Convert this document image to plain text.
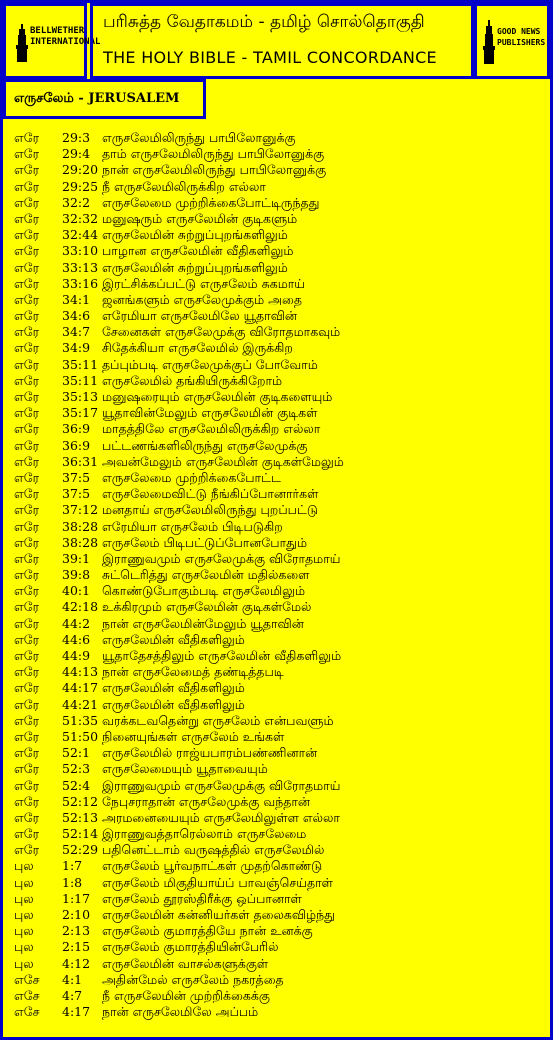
BELLWETHER
INTERNATIONAL
பரிசுத்த வேதாகமம் - தமிழ் சொல்தொகுதி
THE HOLY BIBLE - TAMIL CONCORDANCE
GOOD NEWS
PUBLISHERS
எருசலேம் - JERUSALEM
எரே 29:3 எருசலேமிலிருந்து பாபிலோனுக்கு
எரே 29:4 தாம் எருசலேமிலிருந்து பாபிலோனுக்கு
எரே 29:20 நான் எருசலேமிலிருந்து பாபிலோனுக்கு
எரே 29:25 நீ எருசலேமிலிருக்கிற எல்லா
எரே 32:2 எருசலேமை முற்றிக்கைபோட்டிருந்தது
எரே 32:32 மனுஷரும் எருசலேமின் குடிகளும்
எரே 32:44 எருசலேமின் சுற்றுப்புறங்களிலும்
எரே 33:10 பாழான எருசலேமின் வீதிகளிலும்
எரே 33:13 எருசலேமின் சுற்றுப்புறங்களிலும்
எரே 33:16 இரட்சிக்கப்பட்டு எருசலேம் சுகமாய்
எரே 34:1 ஜனங்களும் எருசலேமுக்கும் அதை
எரே 34:6 எரேமியா எருசலேமிலே யூதாவின்
எரே 34:7 சேனைகள் எருசலேமுக்கு விரோதமாகவும்
எரே 34:9 சிதேக்கியா எருசலேமில் இருக்கிற
எரே 35:11 தப்பும்படி எருசலேமுக்குப் போவோம்
எரே 35:11 எருசலேமில் தங்கியிருக்கிறோம்
எரே 35:13 மனுஷரையும் எருசலேமின் குடிகளையும்
எரே 35:17 யூதாவின்மேலும் எருசலேமின் குடிகள்
எரே 36:9 மாதத்திலே எருசலேமிலிருக்கிற எல்லா
எரே 36:9 பட்டணங்களிலிருந்து எருசலேமுக்கு
எரே 36:31 அவன்மேலும் எருசலேமின் குடிகள்மேலும்
எரே 37:5 எருசலேமை முற்றிக்கைபோட்ட
எரே 37:5 எருசலேமைவிட்டு நீங்கிப்போனார்கள்
எரே 37:12 மனதாய் எருசலேமிலிருந்து புறப்பட்டு
எரே 38:28 எரேமியா எருசலேம் பிடிபடுகிற
எரே 38:28 எருசலேம் பிடிபட்டுப்போனபோதும்
எரே 39:1 இராணுவமும் எருசலேமுக்கு விரோதமாய்
எரே 39:8 சுட்டெரித்து எருசலேமின் மதில்களை
எரே 40:1 கொண்டுபோகும்படி எருசலேமிலும்
எரே 42:18 உக்கிரமும் எருசலேமின் குடிகள்மேல்
எரே 44:2 நான் எருசலேமின்மேலும் யூதாவின்
எரே 44:6 எருசலேமின் வீதிகளிலும்
எரே 44:9 யூதாதேசத்திலும் எருசலேமின் வீதிகளிலும்
எரே 44:13 நான் எருசலேமைத் தண்டித்தபடி
எரே 44:17 எருசலேமின் வீதிகளிலும்
எரே 44:21 எருசலேமின் வீதிகளிலும்
எரே 51:35 வரக்கடவதென்று எருசலேம் என்பவளும்
எரே 51:50 நினையுங்கள் எருசலேம் உங்கள்
எரே 52:1 எருசலேமில் ராஜ்யபாரம்பண்ணினான்
எரே 52:3 எருசலேமையும் யூதாவையும்
எரே 52:4 இராணுவமும் எருசலேமுக்கு விரோதமாய்
எரே 52:12 நேபுசராதான் எருசலேமுக்கு வந்தான்
எரே 52:13 அரமனையையும் எருசலேமிலுள்ள எல்லா
எரே 52:14 இராணுவத்தாரெல்லாம் எருசலேமை
எரே 52:29 பதினெட்டாம் வருஷத்தில் எருசலேமில்
புல 1:7 எருசலேம் பூர்வநாட்கள் முதற்கொண்டு
புல 1:8 எருசலேம் மிகுதியாய்ப் பாவஞ்செய்தாள்
புல 1:17 எருசலேம் தூரஸ்திரீக்கு ஒப்பானாள்
புல 2:10 எருசலேமின் கன்னியர்கள் தலைகவிழ்ந்து
புல 2:13 எருசலேம் குமாரத்தியே நான் உனக்கு
புல 2:15 எருசலேம் குமாரத்தியின்பேரில்
புல 4:12 எருசலேமின் வாசல்களுக்குள்
எசே 4:1 அதின்மேல் எருசலேம் நகரத்தை
எசே 4:7 நீ எருசலேமின் முற்றிக்கைக்கு
எசே 4:17 நான் எருசலேமிலே அப்பம்
